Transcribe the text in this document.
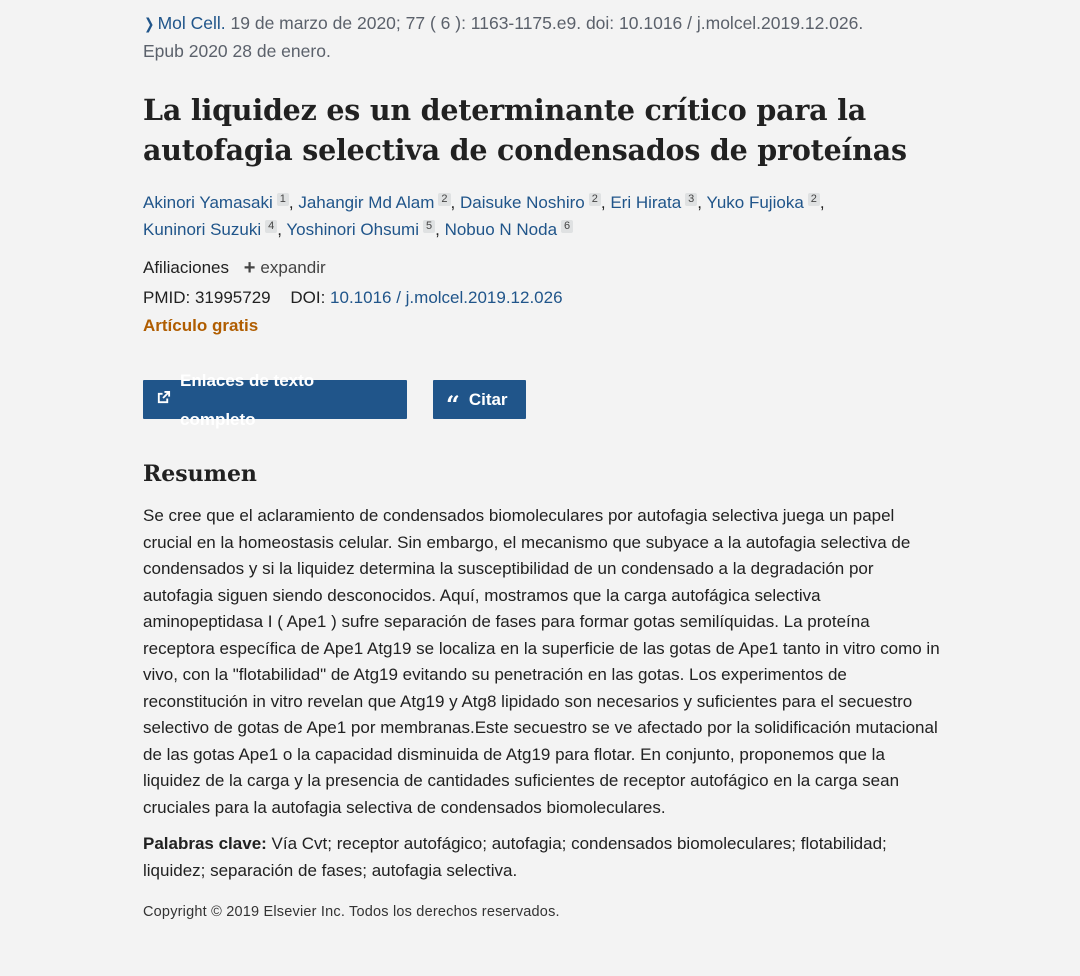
❯ Mol Cell. 19 de marzo de 2020; 77 ( 6 ): 1163-1175.e9. doi: 10.1016 / j.molcel.2019.12.026.
Epub 2020 28 de enero.
La liquidez es un determinante crítico para la autofagia selectiva de condensados de proteínas
Akinori Yamasaki 1 , Jahangir Md Alam 2 , Daisuke Noshiro 2 , Eri Hirata 3 , Yuko Fujioka 2 ,
Kuninori Suzuki 4 , Yoshinori Ohsumi 5 , Nobuo N Noda 6
Afiliaciones + expandir
PMID: 31995729 DOI: 10.1016 / j.molcel.2019.12.026
Artículo gratis
Enlaces de texto completo
“ Citar
Resumen
Se cree que el aclaramiento de condensados biomoleculares por autofagia selectiva juega un papel crucial en la homeostasis celular. Sin embargo, el mecanismo que subyace a la autofagia selectiva de condensados y si la liquidez determina la susceptibilidad de un condensado a la degradación por autofagia siguen siendo desconocidos. Aquí, mostramos que la carga autofágica selectiva aminopeptidasa I ( Ape1 ) sufre separación de fases para formar gotas semilíquidas. La proteína receptora específica de Ape1 Atg19 se localiza en la superficie de las gotas de Ape1 tanto in vitro como in vivo, con la "flotabilidad" de Atg19 evitando su penetración en las gotas. Los experimentos de reconstitución in vitro revelan que Atg19 y Atg8 lipidado son necesarios y suficientes para el secuestro selectivo de gotas de Ape1 por membranas.Este secuestro se ve afectado por la solidificación mutacional de las gotas Ape1 o la capacidad disminuida de Atg19 para flotar. En conjunto, proponemos que la liquidez de la carga y la presencia de cantidades suficientes de receptor autofágico en la carga sean cruciales para la autofagia selectiva de condensados biomoleculares.
Palabras clave: Vía Cvt; receptor autofágico; autofagia; condensados biomoleculares; flotabilidad; liquidez; separación de fases; autofagia selectiva.
Copyright © 2019 Elsevier Inc. Todos los derechos reservados.
